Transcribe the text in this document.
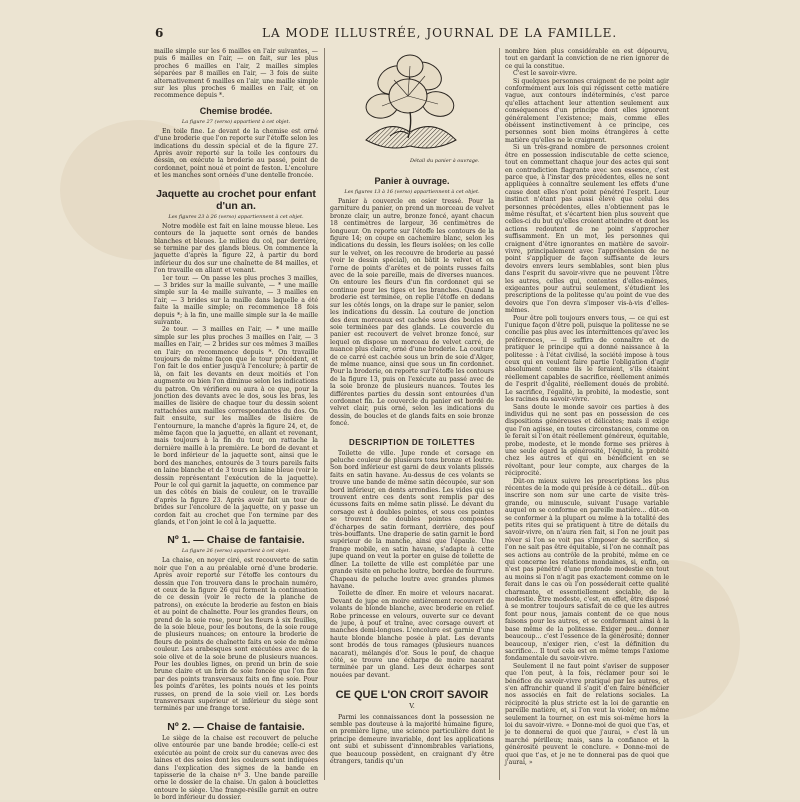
6	LA MODE ILLUSTRÉE, JOURNAL DE LA FAMILLE.

maille simple sur les 6 mailles en l'air suivantes, — puis 6 mailles en l'air, — on fait, sur les plus proches 6 mailles en l'air, 2 mailles simples séparées par 8 mailles en l'air, — 3 fois de suite alternativement 6 mailles en l'air, une maille simple sur les plus proches 6 mailles en l'air, et on recommence depuis *.

Chemise brodée.
La figure 27 (verso) appartient à cet objet.

En toile fine. Le devant de la chemise est orné d'une broderie que l'on reporte sur l'étoffe selon les indications du dessin spécial et de la figure 27. Après avoir reporté sur la toile les contours du dessin, on exécute la broderie au passé, point de cordonnet, point noué et point de feston. L'encolure et les manches sont ornées d'une dentelle froncée.

Jaquette au crochet pour enfant d'un an.
Les figures 23 à 26 (verso) appartiennent à cet objet.

Notre modèle est fait en laine mousse bleue. Les contours de la jaquette sont ornés de bandes blanches et bleues. Le milieu du col, par derrière, se termine par des glands bleus. On commence la jaquette d'après la figure 22, à partir du bord inférieur du dos sur une chaînette de 84 mailles, et l'on travaille en allant et venant.

1er tour. — On passe les plus proches 3 mailles, — 3 brides sur la maille suivante, — * une maille simple sur la 4e maille suivante, — 3 mailles en l'air, — 3 brides sur la maille dans laquelle a été faite la maille simple; on recommence 18 fois depuis *; à la fin, une maille simple sur la 4e maille suivante.

2e tour. — 3 mailles en l'air, — * une maille simple sur les plus proches 3 mailles en l'air, — 3 mailles en l'air, — 2 brides sur ces mêmes 3 mailles en l'air; on recommence depuis *. On travaille toujours de même façon que le tour précédent, et l'on fait le dos entier jusqu'à l'encolure; à partir de là, on fait les devants en deux moitiés et l'on augmente ou bien l'on diminue selon les indications du patron. On vérifiera ou aura à ce que, pour la jonction des devants avec le dos, sous les bras, les mailles de lisière de chaque tour du dessin soient rattachées aux mailles correspondantes du dos. On fait ensuite, sur les mailles de lisière de l'entournure, la manche d'après la figure 24, et, de même façon que la jaquette, en allant et revenant, mais toujours à la fin du tour, on rattache la dernière maille à la première. Le bord de devant et le bord inférieur de la jaquette sont, ainsi que le bord des manches, entourés de 3 tours pareils faits en laine blanche et de 3 tours en laine bleue (voir le dessin représentant l'exécution de la jaquette). Pour le col qui garnit la jaquette, on commence par un des côtés en biais de couleur, on le travaille d'après la figure 23. Après avoir fait un tour de brides sur l'encolure de la jaquette, on y passe un cordon fait au crochet que l'on termine par des glands, et l'on joint le col à la jaquette.

Nº 1. — Chaise de fantaisie.
La figure 26 (verso) appartient à cet objet.

La chaise, en noyer ciré, est recouverte de satin noir que l'on a au préalable orné d'une broderie. Après avoir reporté sur l'étoffe les contours du dessin que l'on trouvera dans le prochain numéro, et ceux de la figure 26 qui forment la continuation de ce dessin (voir le recto de la planche de patrons), on exécute la broderie au feston en biais et au point de chaînette. Pour les grandes fleurs, on prend de la soie rose, pour les fleurs à six feuilles, de la soie bleue, pour les boutons, de la soie rouge de plusieurs nuances; on entoure la broderie de fleurs de points de chaînette faits en soie de même couleur. Les arabesques sont exécutées avec de la soie olive et de la soie brune de plusieurs nuances. Pour les doubles lignes, on prend un brin de soie brune claire et un brin de soie foncée que l'on fixe par des points transversaux faits en fine soie. Pour les points d'arêtes, les points noués et les points russes, on prend de la soie vieil or. Les bords transversaux supérieur et inférieur du siège sont terminés par une frange torse.

Nº 2. — Chaise de fantaisie.

Le siège de la chaise est recouvert de peluche olive entourée par une bande brodée; celle-ci est exécutée au point de croix sur du canevas avec des laines et des soies dont les couleurs sont indiquées dans l'explication des signes de la bande en tapisserie de la chaise nº 3. Une bande pareille orne le dossier de la chaise. Un galon à bouclettes entoure le siège. Une frange-résille garnit en outre le bord inférieur du dossier.

Détail du panier à ouvrage.
Panier à ouvrage.
Les figures 13 à 16 (verso) appartiennent à cet objet.

Panier à couvercle en osier tressé. Pour la garniture du panier, on prend un morceau de velvet bronze clair, un autre, bronze foncé, ayant chacun 18 centimètres de largeur, 36 centimètres de longueur. On reporte sur l'étoffe les contours de la figure 14; on coupe en cachemire blanc, selon les indications du dessin, les fleurs isolées; on les colle sur le velvet, on les recouvre de broderie au passé (voir le dessin spécial), on bâtit le velvet et on l'orne de points d'arêtes et de points russes faits avec de la soie pareille, mais de diverses nuances. On entoure les fleurs d'un fin cordonnet qui se continue pour les tiges et les branches. Quand la broderie est terminée, on replie l'étoffe en dedans sur les côtés longs, on la drape sur le panier, selon les indications du dessin. La couture de jonction des deux morceaux est cachée sous des boules en soie terminées par des glands. Le couvercle du panier est recouvert de velvet bronze foncé, sur lequel on dispose un morceau de velvet carré, de nuance plus claire, orné d'une broderie. La couture de ce carré est cachée sous un brin de soie d'Alger, de même nuance, ainsi que sous un fin cordonnet. Pour la broderie, on reporte sur l'étoffe les contours de la figure 13, puis on l'exécute au passé avec de la soie bronze de plusieurs nuances. Toutes les différentes parties du dessin sont entourées d'un cordonnet fin. Le couvercle du panier est bordé de velvet clair, puis orné, selon les indications du dessin, de boucles et de glands faits en soie bronze foncé.

DESCRIPTION DE TOILETTES

Toilette de ville. Jupe ronde et corsage en peluche couleur de plusieurs tons bronze et loutre. Son bord inférieur est garni de deux volants plissés faits en satin havane. Au-dessus de ces volants se trouve une bande de même satin découpée, sur son bord inférieur, en dents arrondies. Les vides qui se trouvent entre ces dents sont remplis par des écussons faits en même satin plissé. Le devant du corsage est à doubles pointes, et sous ces pointes se trouvent de doubles pointes composées d'écharpes de satin formant, derrière, des pouf très-bouffants. Une draperie de satin garnit le bord supérieur de la manche, ainsi que l'épaule. Une frange mobile, en satin havane, s'adapte à cette jupe quand on veut la porter en guise de toilette de dîner. La toilette de ville est complétée par une grande visite en peluche loutre, bordée de fourrure. Chapeau de peluche loutre avec grandes plumes havane.

Toilette de dîner. En moire et velours nacarat. Devant de jupe en moire entièrement recouvert de volants de blonde blanche, avec broderie en relief. Robe princesse en velours, ouverte sur ce devant de jupe, à pouf et traîne, avec corsage ouvert et manches demi-longues. L'encolure est garnie d'une haute blonde blanche posée à plat. Les devants sont brodés de tous ramages (plusieurs nuances nacarat), mélangés d'or. Sous le pouf, de chaque côté, se trouve une écharpe de moire nacarat terminée par un gland. Les deux écharpes sont nouées par devant.

CE QUE L'ON CROIT SAVOIR
V.

Parmi les connaissances dont la possession ne semble pas douteuse à la majorité humaine figure, en première ligne, une science particulière dont le principe demeure invariable, dont les applications ont subi et subissent d'innombrables variations, que beaucoup possèdent, en craignant d'y être étrangers, tandis qu'un

nombre bien plus considérable en est dépourvu, tout en gardant la conviction de ne rien ignorer de ce qui la constitue.

C'est le savoir-vivre.

Si quelques personnes craignent de ne point agir conformément aux lois qui régissent cette matière vague, aux contours indéterminés, c'est parce qu'elles attachent leur attention seulement aux conséquences d'un principe dont elles ignorent généralement l'existence; mais, comme elles obéissent instinctivement à ce principe, ces personnes sont bien moins étrangères à cette matière qu'elles ne le craignent.

Si un très-grand nombre de personnes croient être en possession indiscutable de cette science, tout en commettant chaque jour des actes qui sont en contradiction flagrante avec son essence, c'est parce que, à l'instar des précédentes, elles ne sont appliquées à connaître seulement les effets d'une cause dont elles n'ont point pénétré l'esprit. Leur instinct n'étant pas aussi élevé que celui des personnes précédentes, elles n'obtiennent pas le même résultat, et s'écartent bien plus souvent que celles-ci du but qu'elles croient atteindre et dont les actions redoutent de ne point s'approcher suffisamment. En un mot, les personnes qui craignent d'être ignorantes en matière de savoir-vivre, principalement avec l'appréhension de ne point s'appliquer de façon suffisante de leurs devoirs envers leurs semblables, sont bien plus dans l'esprit du savoir-vivre que ne peuvent l'être les autres, celles qui, contentes d'elles-mêmes, exigeantes pour autrui seulement, s'étudient les prescriptions de la politesse qu'au point de vue des devoirs que l'on devra s'imposer vis-à-vis d'elles-mêmes.

Pour être poli toujours envers tous, — ce qui est l'unique façon d'être poli, puisque la politesse ne se concilie pas plus avec les intermittences qu'avec les préférences, — il suffira de connaître et de pratiquer le principe qui a donné naissance à la politesse : à l'état civilisé, la société impose à tous ceux qui en veulent faire partie l'obligation d'agir absolument comme ils le feraient, s'ils étaient réellement capables de sacrifice, réellement animés de l'esprit d'égalité, réellement doués de probité. Le sacrifice, l'égalité, la probité, la modestie, sont les racines du savoir-vivre.

Sans doute le monde savoir ces parties à des individus qui ne sont pas en possession de ces dispositions généreuses et délicates; mais il exige que l'on agisse, en toutes circonstances, comme on le ferait si l'on était réellement généreux, équitable, probe, modeste, et le monde forme ses prières à une seule égard la générosité, l'équité, la probité chez les autres et qui en bénéficient en se révoltant, pour leur compte, aux charges de la réciprocité.

Dût-on mieux suivre les prescriptions les plus récentes de la mode qui préside à ce détail... dût-on inscrire son nom sur une carte de visite très-grande, ou minuscule, suivant l'usage variable auquel on se conforme en pareille matière... dût-on se conformer à la plupart ou même à la totalité des petits rites qui se pratiquent à titre de détails du savoir-vivre, on n'aura rien fait, si l'on ne jouit pas rôver si l'on se voit pas s'imposer de sacrifice, si l'on ne sait pas être équitable, si l'on ne connaît pas ses actions au contrôle de la probité, même en ce qui concerne les relations mondaines, si, enfin, on n'est pas pénétré d'une profonde modestie en tout au moins si l'on n'agit pas exactement comme on le ferait dans le cas où l'on posséderait cette qualité charmante, et essentiellement sociable, de la modestie. Être modeste, c'est, en effet, être disposé à se montrer toujours satisfait de ce que les autres font pour nous, jamais content de ce que nous faisons pour les autres, et se conformant ainsi à la base même de la politesse. Exiger peu... donner beaucoup... c'est l'essence de la générosité; donner beaucoup, n'exiger rien, c'est la définition du sacrifice... Il tout cela est en même temps l'axiome fondamentale du savoir-vivre.

Seulement il ne faut point s'aviser de supposer que l'on peut, à la fois, réclamer pour soi le bénéfice du savoir-vivre pratiqué par les autres, et s'en affranchir quand il s'agit d'en faire bénéficier nos associés en fait de relations sociales. La réciprocité la plus stricte est la loi de garantie en pareille matière, et, si l'on veut la violer, on même seulement la tourner, on est mis soi-même hors la loi du savoir-vivre. « Donne-moi de quoi que t'as, et je te donnerai de quoi que j'aurai, » c'est là un marché périlleux; mais, sans la confiance et la générosité peuvent le conclure. « Donne-moi de quoi que t'as, et je ne te donnerai pas de quoi que j'aurai, »
